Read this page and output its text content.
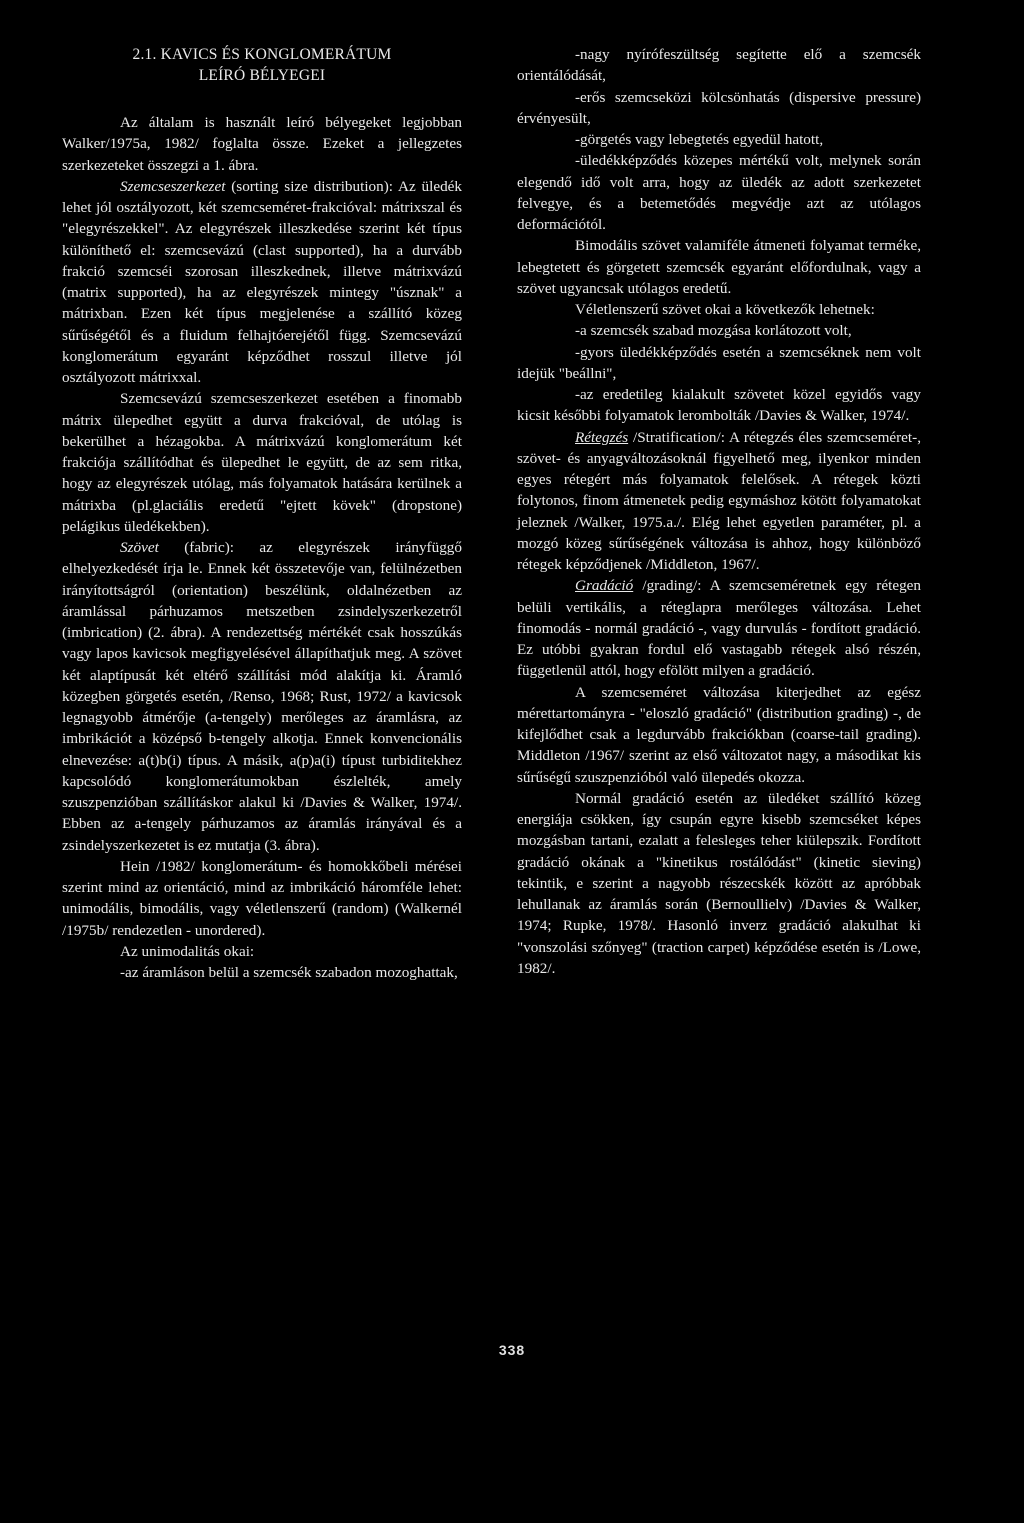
2.1. KAVICS ÉS KONGLOMERÁTUM
LEÍRÓ BÉLYEGEI

Az általam is használt leíró bélyegeket legjobban Walker/1975a, 1982/ foglalta össze. Ezeket a jellegzetes szerkezeteket összegzi a 1. ábra.

Szemcseszerkezet (sorting size distribution): Az üledék lehet jól osztályozott, két szemcseméret-frakcióval: mátrixszal és "elegyrészekkel". Az elegyrészek illeszkedése szerint két típus különíthető el: szemcsevázú (clast supported), ha a durvább frakció szemcséi szorosan illeszkednek, illetve mátrixvázú (matrix supported), ha az elegyrészek mintegy "úsznak" a mátrixban. Ezen két típus megjelenése a szállító közeg sűrűségétől és a fluidum felhajtóerejétől függ. Szemcsevázú konglomerátum egyaránt képződhet rosszul illetve jól osztályozott mátrixxal.

Szemcsevázú szemcseszerkezet esetében a finomabb mátrix ülepedhet együtt a durva frakcióval, de utólag is bekerülhet a hézagokba. A mátrixvázú konglomerátum két frakciója szállítódhat és ülepedhet le együtt, de az sem ritka, hogy az elegyrészek utólag, más folyamatok hatására kerülnek a mátrixba (pl.glaciális eredetű "ejtett kövek" (dropstone) pelágikus üledékekben).

Szövet (fabric): az elegyrészek irányfüggő elhelyezkedését írja le. Ennek két összetevője van, felülnézetben irányítottságról (orientation) beszélünk, oldalnézetben az áramlással párhuzamos metszetben zsindelyszerkezetről (imbrication) (2. ábra). A rendezettség mértékét csak hosszúkás vagy lapos kavicsok megfigyelésével állapíthatjuk meg. A szövet két alaptípusát két eltérő szállítási mód alakítja ki. Áramló közegben görgetés esetén, /Renso, 1968; Rust, 1972/ a kavicsok legnagyobb átmérője (a-tengely) merőleges az áramlásra, az imbrikációt a középső b-tengely alkotja. Ennek konvencionális elnevezése: a(t)b(i) típus. A másik, a(p)a(i) típust turbiditekhez kapcsolódó konglomerátumokban észlelték, amely szuszpenzióban szállításkor alakul ki /Davies & Walker, 1974/. Ebben az a-tengely párhuzamos az áramlás irányával és a zsindelyszerkezetet is ez mutatja (3. ábra).

Hein /1982/ konglomerátum- és homokkőbeli mérései szerint mind az orientáció, mind az imbrikáció háromféle lehet: unimodális, bimodális, vagy véletlenszerű (random) (Walkernél /1975b/ rendezetlen - unordered).

Az unimodalitás okai:

-az áramláson belül a szemcsék szabadon mozoghattak,

-nagy nyírófeszültség segítette elő a szemcsék orientálódását,

-erős szemcseközi kölcsönhatás (dispersive pressure) érvényesült,

-görgetés vagy lebegtetés egyedül hatott,

-üledékképződés közepes mértékű volt, melynek során elegendő idő volt arra, hogy az üledék az adott szerkezetet felvegye, és a betemetődés megvédje azt az utólagos deformációtól.

Bimodális szövet valamiféle átmeneti folyamat terméke, lebegtetett és görgetett szemcsék egyaránt előfordulnak, vagy a szövet ugyancsak utólagos eredetű.

Véletlenszerű szövet okai a következők lehetnek:

-a szemcsék szabad mozgása korlátozott volt,

-gyors üledékképződés esetén a szemcséknek nem volt idejük "beállni",

-az eredetileg kialakult szövetet közel egyidős vagy kicsit későbbi folyamatok lerombolták /Davies & Walker, 1974/.

Rétegzés /Stratification/: A rétegzés éles szemcseméret-, szövet- és anyagváltozásoknál figyelhető meg, ilyenkor minden egyes rétegért más folyamatok felelősek. A rétegek közti folytonos, finom átmenetek pedig egymáshoz kötött folyamatokat jeleznek /Walker, 1975.a./. Elég lehet egyetlen paraméter, pl. a mozgó közeg sűrűségének változása is ahhoz, hogy különböző rétegek képződjenek /Middleton, 1967/.

Gradáció /grading/: A szemcseméretnek egy rétegen belüli vertikális, a réteglapra merőleges változása. Lehet finomodás - normál gradáció -, vagy durvulás - fordított gradáció. Ez utóbbi gyakran fordul elő vastagabb rétegek alsó részén, függetlenül attól, hogy efölött milyen a gradáció.

A szemcseméret változása kiterjedhet az egész mérettartományra - "eloszló gradáció" (distribution grading) -, de kifejlődhet csak a legdurvább frakciókban (coarse-tail grading). Middleton /1967/ szerint az első változatot nagy, a másodikat kis sűrűségű szuszpenzióból való ülepedés okozza.

Normál gradáció esetén az üledéket szállító közeg energiája csökken, így csupán egyre kisebb szemcséket képes mozgásban tartani, ezalatt a felesleges teher kiülepszik. Fordított gradáció okának a "kinetikus rostálódást" (kinetic sieving) tekintik, e szerint a nagyobb részecskék között az apróbbak lehullanak az áramlás során (Bernoullielv) /Davies & Walker, 1974; Rupke, 1978/. Hasonló inverz gradáció alakulhat ki "vonszolási szőnyeg" (traction carpet) képződése esetén is /Lowe, 1982/.

338
